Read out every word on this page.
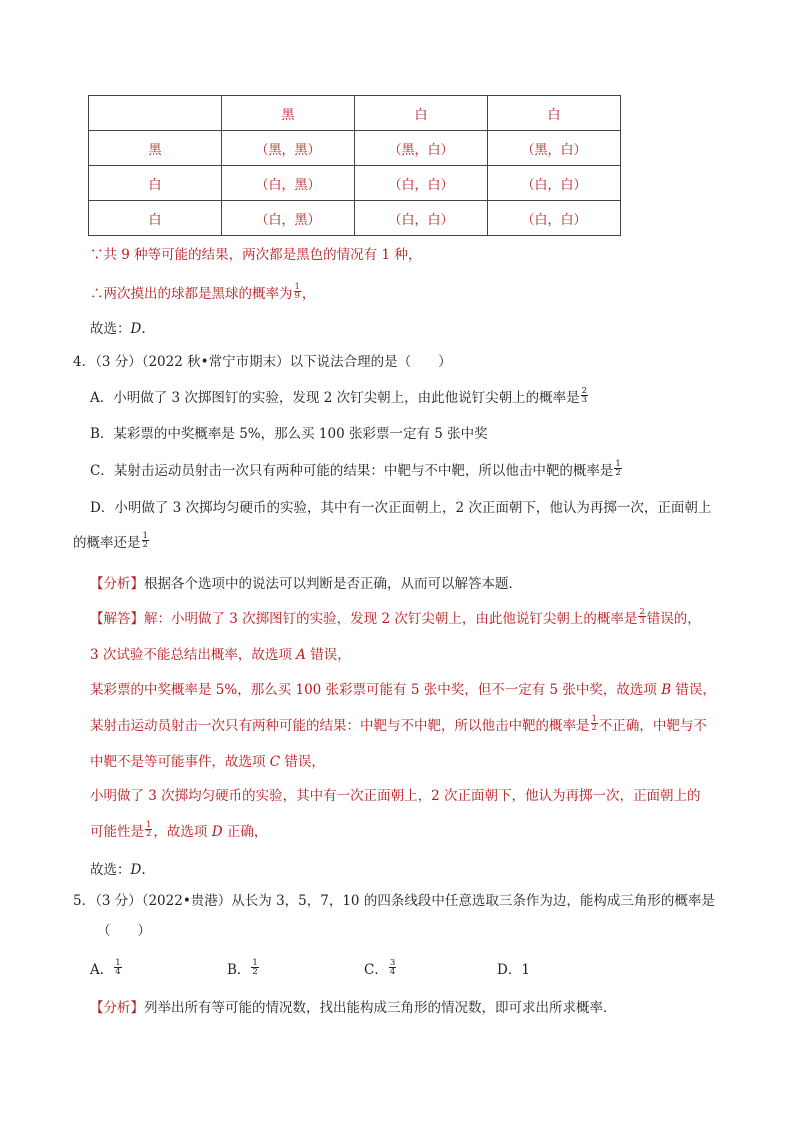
	黑	白	白
黑	（黑，黑）	（黑，白）	（黑，白）
白	（白，黑）	（白，白）	（白，白）
白	（白，黑）	（白，白）	（白，白）
∵共 9 种等可能的结果，两次都是黑色的情况有 1 种，
∴两次摸出的球都是黑球的概率为 $\frac{1}{9}$ ，
故选：D.
4．（3 分）（2022 秋•常宁市期末）以下说法合理的是（　　）
A．小明做了 3 次掷图钉的实验，发现 2 次钉尖朝上，由此他说钉尖朝上的概率是 $\frac{2}{3}$
B．某彩票的中奖概率是 5%，那么买 100 张彩票一定有 5 张中奖
C．某射击运动员射击一次只有两种可能的结果：中靶与不中靶，所以他击中靶的概率是 $\frac{1}{2}$
D．小明做了 3 次掷均匀硬币的实验，其中有一次正面朝上，2 次正面朝下，他认为再掷一次，正面朝上
的概率还是 $\frac{1}{2}$
【分析】根据各个选项中的说法可以判断是否正确，从而可以解答本题．
【解答】解：小明做了 3 次掷图钉的实验，发现 2 次钉尖朝上，由此他说钉尖朝上的概率是 $\frac{2}{3}$ 错误的，
3 次试验不能总结出概率，故选项 A 错误，
某彩票的中奖概率是 5%，那么买 100 张彩票可能有 5 张中奖，但不一定有 5 张中奖，故选项 B 错误，
某射击运动员射击一次只有两种可能的结果：中靶与不中靶，所以他击中靶的概率是 $\frac{1}{2}$ 不正确，中靶与不
中靶不是等可能事件，故选项 C 错误，
小明做了 3 次掷均匀硬币的实验，其中有一次正面朝上，2 次正面朝下，他认为再掷一次，正面朝上的
可能性是 $\frac{1}{2}$ ，故选项 D 正确，
故选：D.
5．（3 分）（2022•贵港）从长为 3，5，7，10 的四条线段中任意选取三条作为边，能构成三角形的概率是
（　　）
A． $\frac{1}{4}$	B． $\frac{1}{2}$	C． $\frac{3}{4}$	D．1
【分析】列举出所有等可能的情况数，找出能构成三角形的情况数，即可求出所求概率．
